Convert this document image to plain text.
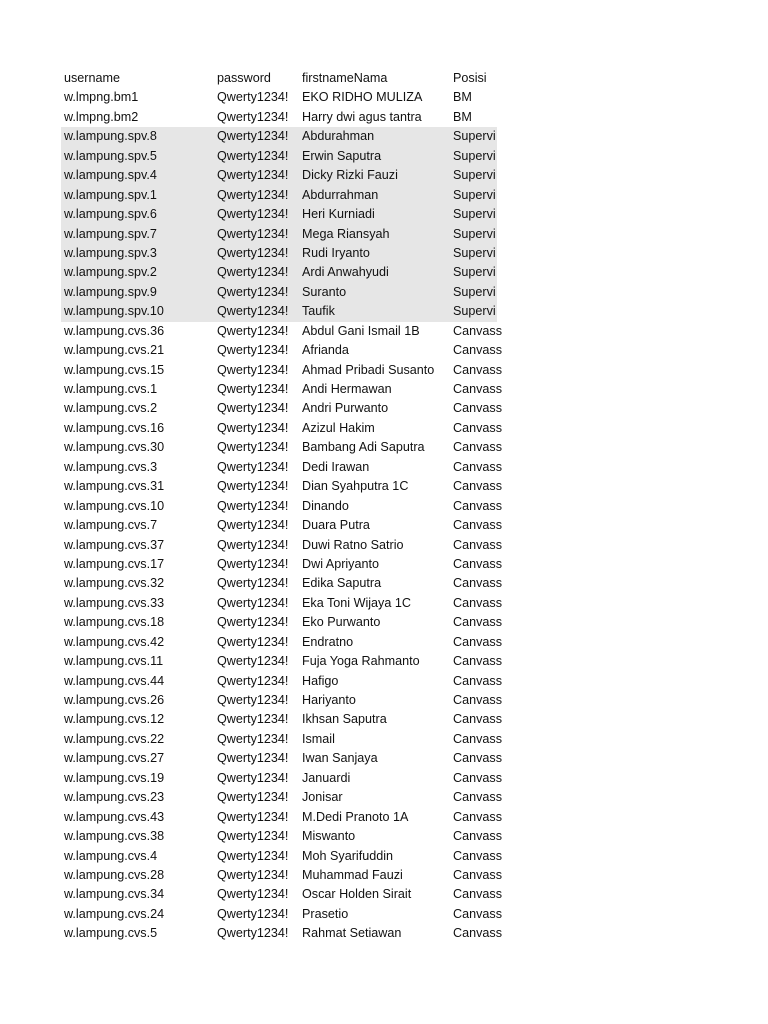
username	password	firstnameNama	Posisi
w.lmpng.bm1	Qwerty1234!	EKO RIDHO MULIZA	BM
w.lmpng.bm2	Qwerty1234!	Harry dwi agus tantra	BM
w.lampung.spv.8	Qwerty1234!	Abdurahman	Supervi
w.lampung.spv.5	Qwerty1234!	Erwin Saputra	Supervi
w.lampung.spv.4	Qwerty1234!	Dicky Rizki Fauzi	Supervi
w.lampung.spv.1	Qwerty1234!	Abdurrahman	Supervi
w.lampung.spv.6	Qwerty1234!	Heri Kurniadi	Supervi
w.lampung.spv.7	Qwerty1234!	Mega Riansyah	Supervi
w.lampung.spv.3	Qwerty1234!	Rudi Iryanto	Supervi
w.lampung.spv.2	Qwerty1234!	Ardi Anwahyudi	Supervi
w.lampung.spv.9	Qwerty1234!	Suranto	Supervi
w.lampung.spv.10	Qwerty1234!	Taufik	Supervi
w.lampung.cvs.36	Qwerty1234!	Abdul Gani Ismail 1B	Canvass
w.lampung.cvs.21	Qwerty1234!	Afrianda	Canvass
w.lampung.cvs.15	Qwerty1234!	Ahmad Pribadi Susanto	Canvass
w.lampung.cvs.1	Qwerty1234!	Andi Hermawan	Canvass
w.lampung.cvs.2	Qwerty1234!	Andri Purwanto	Canvass
w.lampung.cvs.16	Qwerty1234!	Azizul Hakim	Canvass
w.lampung.cvs.30	Qwerty1234!	Bambang Adi Saputra	Canvass
w.lampung.cvs.3	Qwerty1234!	Dedi Irawan	Canvass
w.lampung.cvs.31	Qwerty1234!	Dian Syahputra 1C	Canvass
w.lampung.cvs.10	Qwerty1234!	Dinando	Canvass
w.lampung.cvs.7	Qwerty1234!	Duara Putra	Canvass
w.lampung.cvs.37	Qwerty1234!	Duwi Ratno Satrio	Canvass
w.lampung.cvs.17	Qwerty1234!	Dwi Apriyanto	Canvass
w.lampung.cvs.32	Qwerty1234!	Edika Saputra	Canvass
w.lampung.cvs.33	Qwerty1234!	Eka Toni Wijaya 1C	Canvass
w.lampung.cvs.18	Qwerty1234!	Eko Purwanto	Canvass
w.lampung.cvs.42	Qwerty1234!	Endratno	Canvass
w.lampung.cvs.11	Qwerty1234!	Fuja Yoga Rahmanto	Canvass
w.lampung.cvs.44	Qwerty1234!	Hafigo	Canvass
w.lampung.cvs.26	Qwerty1234!	Hariyanto	Canvass
w.lampung.cvs.12	Qwerty1234!	Ikhsan Saputra	Canvass
w.lampung.cvs.22	Qwerty1234!	Ismail	Canvass
w.lampung.cvs.27	Qwerty1234!	Iwan Sanjaya	Canvass
w.lampung.cvs.19	Qwerty1234!	Januardi	Canvass
w.lampung.cvs.23	Qwerty1234!	Jonisar	Canvass
w.lampung.cvs.43	Qwerty1234!	M.Dedi Pranoto 1A	Canvass
w.lampung.cvs.38	Qwerty1234!	Miswanto	Canvass
w.lampung.cvs.4	Qwerty1234!	Moh Syarifuddin	Canvass
w.lampung.cvs.28	Qwerty1234!	Muhammad Fauzi	Canvass
w.lampung.cvs.34	Qwerty1234!	Oscar Holden Sirait	Canvass
w.lampung.cvs.24	Qwerty1234!	Prasetio	Canvass
w.lampung.cvs.5	Qwerty1234!	Rahmat Setiawan	Canvass
